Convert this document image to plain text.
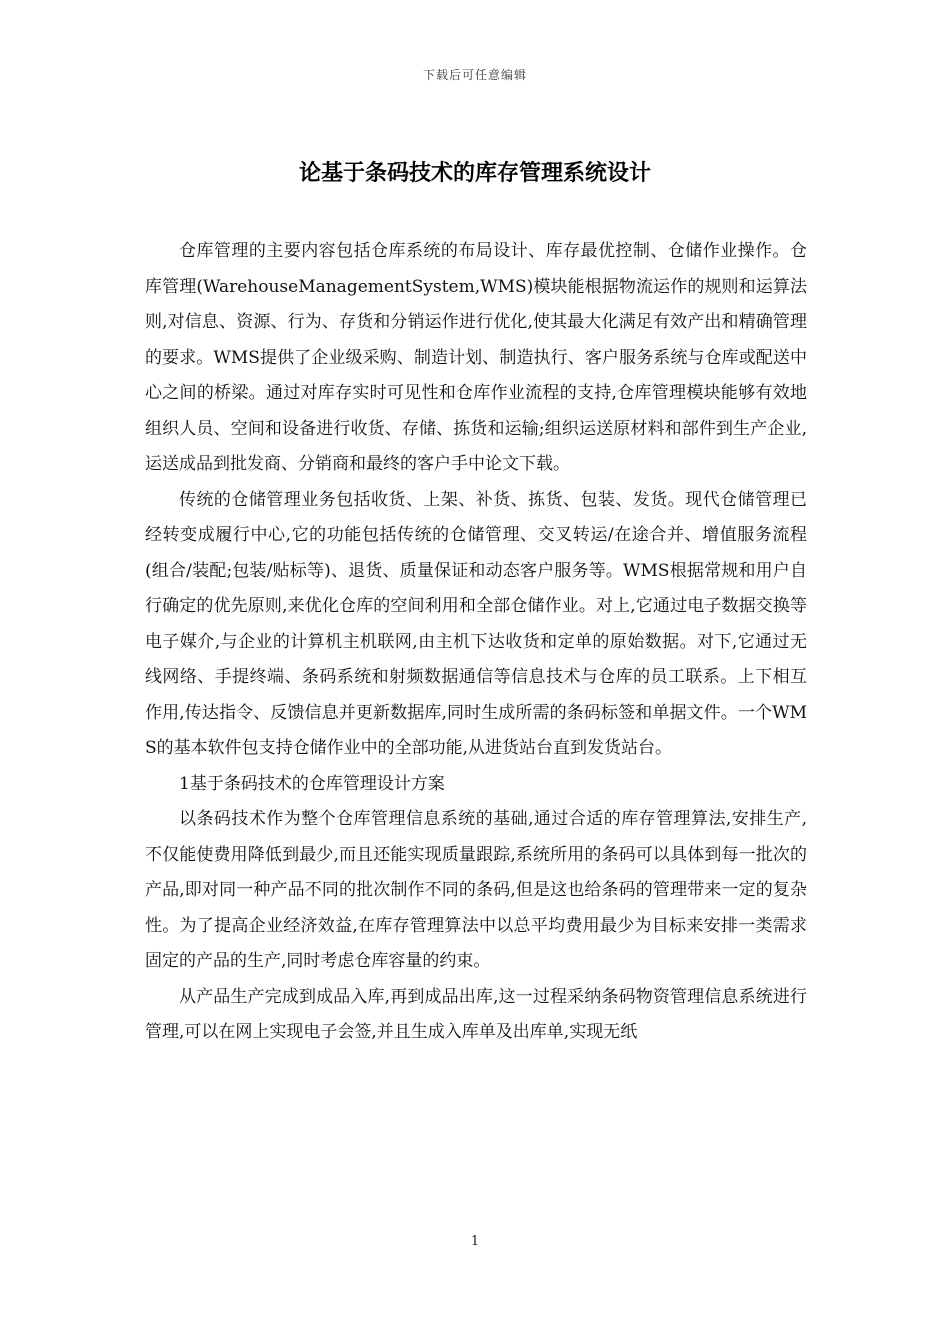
下载后可任意编辑
论基于条码技术的库存管理系统设计

仓库管理的主要内容包括仓库系统的布局设计、库存最优控制、仓储作业操作。仓库管理(WarehouseManagementSystem,WMS)模块能根据物流运作的规则和运算法则,对信息、资源、行为、存货和分销运作进行优化,使其最大化满足有效产出和精确管理的要求。WMS提供了企业级采购、制造计划、制造执行、客户服务系统与仓库或配送中心之间的桥梁。通过对库存实时可见性和仓库作业流程的支持,仓库管理模块能够有效地组织人员、空间和设备进行收货、存储、拣货和运输;组织运送原材料和部件到生产企业,运送成品到批发商、分销商和最终的客户手中论文下载。

传统的仓储管理业务包括收货、上架、补货、拣货、包装、发货。现代仓储管理已经转变成履行中心,它的功能包括传统的仓储管理、交叉转运/在途合并、增值服务流程(组合/装配;包装/贴标等)、退货、质量保证和动态客户服务等。WMS根据常规和用户自行确定的优先原则,来优化仓库的空间利用和全部仓储作业。对上,它通过电子数据交换等电子媒介,与企业的计算机主机联网,由主机下达收货和定单的原始数据。对下,它通过无线网络、手提终端、条码系统和射频数据通信等信息技术与仓库的员工联系。上下相互作用,传达指令、反馈信息并更新数据库,同时生成所需的条码标签和单据文件。一个WMS的基本软件包支持仓储作业中的全部功能,从进货站台直到发货站台。

1基于条码技术的仓库管理设计方案

以条码技术作为整个仓库管理信息系统的基础,通过合适的库存管理算法,安排生产,不仅能使费用降低到最少,而且还能实现质量跟踪,系统所用的条码可以具体到每一批次的产品,即对同一种产品不同的批次制作不同的条码,但是这也给条码的管理带来一定的复杂性。为了提高企业经济效益,在库存管理算法中以总平均费用最少为目标来安排一类需求固定的产品的生产,同时考虑仓库容量的约束。

从产品生产完成到成品入库,再到成品出库,这一过程采纳条码物资管理信息系统进行管理,可以在网上实现电子会签,并且生成入库单及出库单,实现无纸

1
